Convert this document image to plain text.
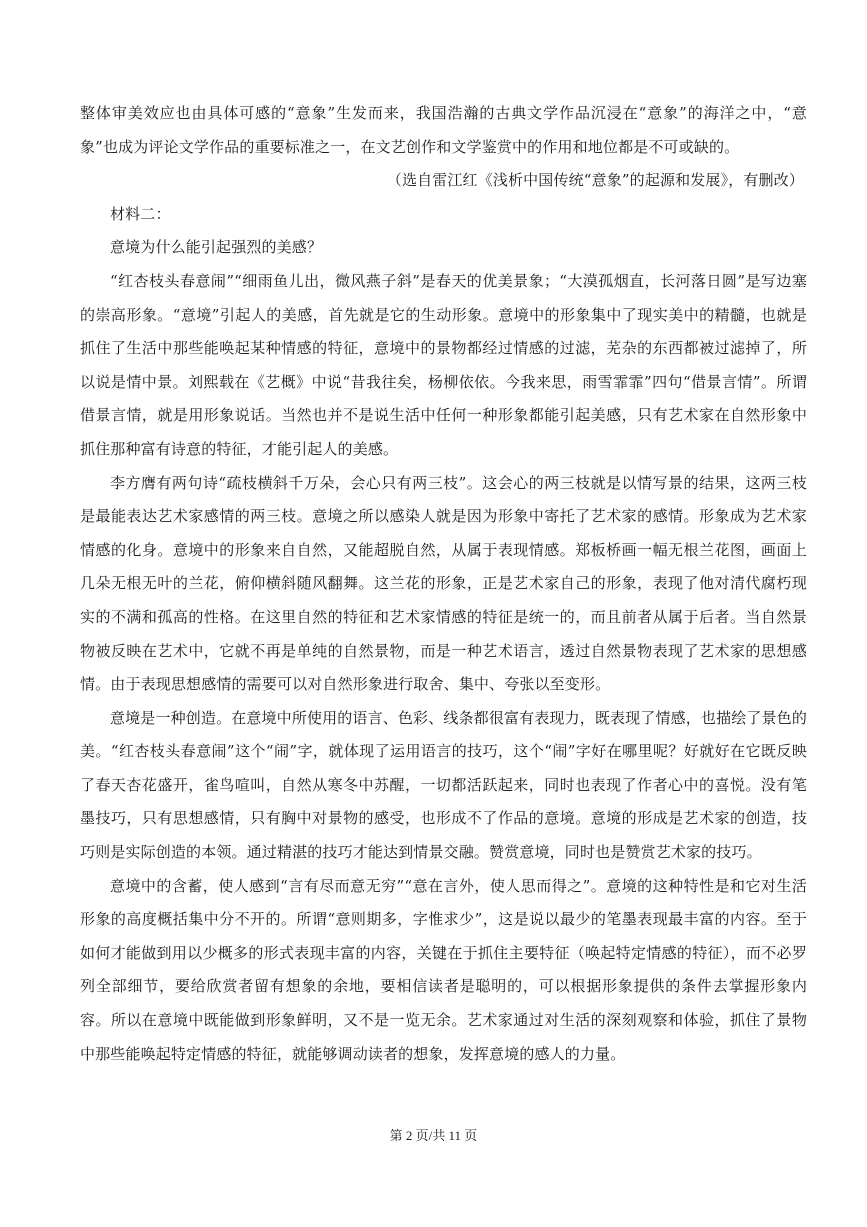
整体审美效应也由具体可感的“意象”生发而来，我国浩瀚的古典文学作品沉浸在“意象”的海洋之中，“意象”也成为评论文学作品的重要标准之一，在文艺创作和文学鉴赏中的作用和地位都是不可或缺的。

（选自雷江红《浅析中国传统“意象”的起源和发展》，有删改）

材料二：

意境为什么能引起强烈的美感？

“红杏枝头春意闹”“细雨鱼儿出，微风燕子斜”是春天的优美景象；“大漠孤烟直，长河落日圆”是写边塞的崇高形象。“意境”引起人的美感，首先就是它的生动形象。意境中的形象集中了现实美中的精髓，也就是抓住了生活中那些能唤起某种情感的特征，意境中的景物都经过情感的过滤，芜杂的东西都被过滤掉了，所以说是情中景。刘熙载在《艺概》中说“昔我往矣，杨柳依依。今我来思，雨雪霏霏”四句“借景言情”。所谓借景言情，就是用形象说话。当然也并不是说生活中任何一种形象都能引起美感，只有艺术家在自然形象中抓住那种富有诗意的特征，才能引起人的美感。

李方膺有两句诗“疏枝横斜千万朵，会心只有两三枝”。这会心的两三枝就是以情写景的结果，这两三枝是最能表达艺术家感情的两三枝。意境之所以感染人就是因为形象中寄托了艺术家的感情。形象成为艺术家情感的化身。意境中的形象来自自然，又能超脱自然，从属于表现情感。郑板桥画一幅无根兰花图，画面上几朵无根无叶的兰花，俯仰横斜随风翻舞。这兰花的形象，正是艺术家自己的形象，表现了他对清代腐朽现实的不满和孤高的性格。在这里自然的特征和艺术家情感的特征是统一的，而且前者从属于后者。当自然景物被反映在艺术中，它就不再是单纯的自然景物，而是一种艺术语言，透过自然景物表现了艺术家的思想感情。由于表现思想感情的需要可以对自然形象进行取舍、集中、夸张以至变形。

意境是一种创造。在意境中所使用的语言、色彩、线条都很富有表现力，既表现了情感，也描绘了景色的美。“红杏枝头春意闹”这个“闹”字，就体现了运用语言的技巧，这个“闹”字好在哪里呢？好就好在它既反映了春天杏花盛开，雀鸟喧叫，自然从寒冬中苏醒，一切都活跃起来，同时也表现了作者心中的喜悦。没有笔墨技巧，只有思想感情，只有胸中对景物的感受，也形成不了作品的意境。意境的形成是艺术家的创造，技巧则是实际创造的本领。通过精湛的技巧才能达到情景交融。赞赏意境，同时也是赞赏艺术家的技巧。

意境中的含蓄，使人感到“言有尽而意无穷”“意在言外，使人思而得之”。意境的这种特性是和它对生活形象的高度概括集中分不开的。所谓“意则期多，字惟求少”，这是说以最少的笔墨表现最丰富的内容。至于如何才能做到用以少概多的形式表现丰富的内容，关键在于抓住主要特征（唤起特定情感的特征），而不必罗列全部细节，要给欣赏者留有想象的余地，要相信读者是聪明的，可以根据形象提供的条件去掌握形象内容。所以在意境中既能做到形象鲜明，又不是一览无余。艺术家通过对生活的深刻观察和体验，抓住了景物中那些能唤起特定情感的特征，就能够调动读者的想象，发挥意境的感人的力量。

第 2 页/共 11 页
